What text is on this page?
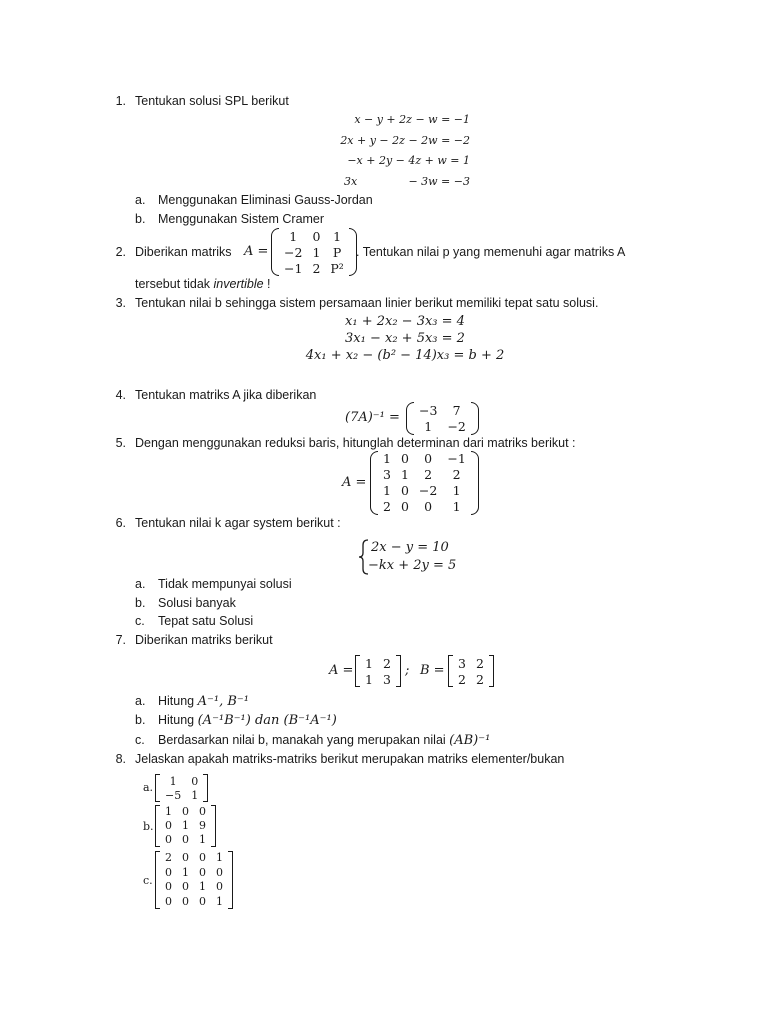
1. Tentukan solusi SPL berikut
x − y + 2z − w = −1
2x + y − 2z − 2w = −2
−x + 2y − 4z + w = 1
3x	− 3w = −3
a. Menggunakan Eliminasi Gauss-Jordan
b. Menggunakan Sistem Cramer
2. Diberikan matriks A =
1	0	1
−2	1	P
−1	2	P²
. Tentukan nilai p yang memenuhi agar matriks A
tersebut tidak invertible !
3. Tentukan nilai b sehingga sistem persamaan linier berikut memiliki tepat satu solusi.
x₁ + 2x₂ − 3x₃ = 4
3x₁ − x₂ + 5x₃ = 2
4x₁ + x₂ − (b² − 14)x₃ = b + 2
4. Tentukan matriks A jika diberikan
(7A)⁻¹ = −3	7
1	−2
5. Dengan menggunakan reduksi baris, hitunglah determinan dari matriks berikut :
A =
1	0	0	−1
3	1	2	2
1	0	−2	1
2	0	0	1
6. Tentukan nilai k agar system berikut :
2x − y = 10
−kx + 2y = 5
a. Tidak mempunyai solusi
b. Solusi banyak
c. Tepat satu Solusi
7. Diberikan matriks berikut
A = 1	2
1	3
; B = 3	2
2	2
a. Hitung A⁻¹, B⁻¹
b. Hitung (A⁻¹B⁻¹) dan (B⁻¹A⁻¹)
c. Berdasarkan nilai b, manakah yang merupakan nilai (AB)⁻¹
8. Jelaskan apakah matriks-matriks berikut merupakan matriks elementer/bukan
a. 1	0
−5	1
b.
1	0	0
0	1	9
0	0	1
c.
2	0	0	1
0	1	0	0
0	0	1	0
0	0	0	1
